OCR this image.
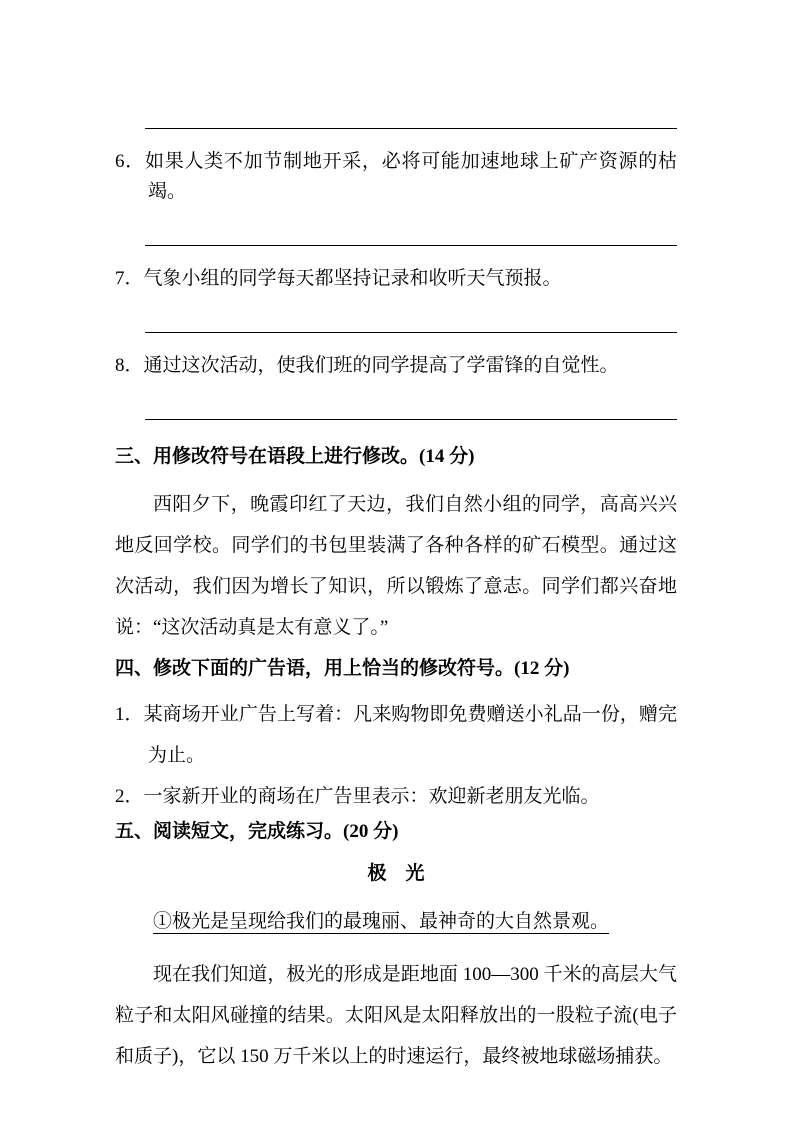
6．如果人类不加节制地开采，必将可能加速地球上矿产资源的枯竭。

7．气象小组的同学每天都坚持记录和收听天气预报。

8．通过这次活动，使我们班的同学提高了学雷锋的自觉性。

三、用修改符号在语段上进行修改。(14 分)

西阳夕下，晚霞印红了天边，我们自然小组的同学，高高兴兴地反回学校。同学们的书包里装满了各种各样的矿石模型。通过这次活动，我们因为增长了知识，所以锻炼了意志。同学们都兴奋地说：“这次活动真是太有意义了。”

四、修改下面的广告语，用上恰当的修改符号。(12 分)

1．某商场开业广告上写着：凡来购物即免费赠送小礼品一份，赠完为止。

2．一家新开业的商场在广告里表示：欢迎新老朋友光临。

五、阅读短文，完成练习。(20 分)

极　光

①极光是呈现给我们的最瑰丽、最神奇的大自然景观。

现在我们知道，极光的形成是距地面 100—300 千米的高层大气粒子和太阳风碰撞的结果。太阳风是太阳释放出的一股粒子流(电子和质子)，它以 150 万千米以上的时速运行，最终被地球磁场捕获。
